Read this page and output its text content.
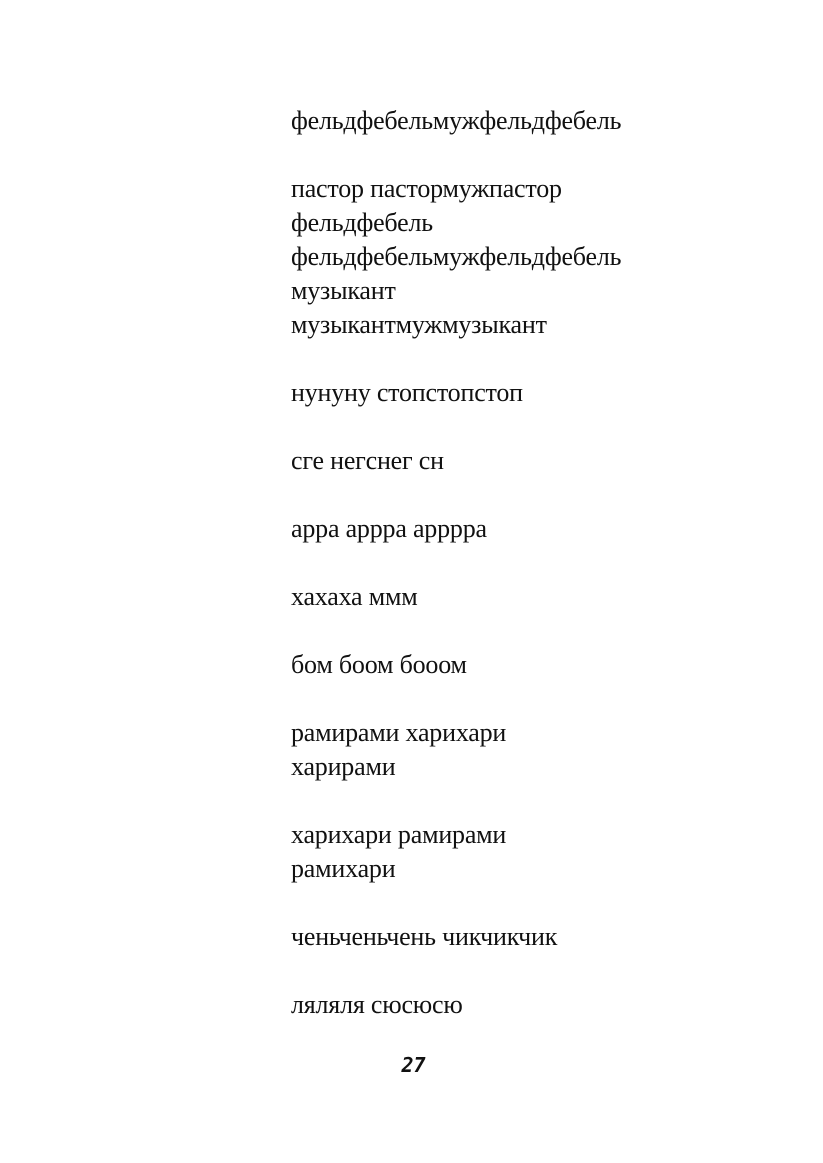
фельдфебельмужфельдфебель
пастор пастормужпастор
фельдфебель
фельдфебельмужфельдфебель
музыкант
музыкантмужмузыкант
нунуну стопстопстоп
сге негснег сн
арра аррра арррра
хахаха ммм
бом боом бооом
рамирами харихари
харирами
харихари рамирами
рамихари
ченьченьчень чикчикчик
ляляля сюсюсю
27
